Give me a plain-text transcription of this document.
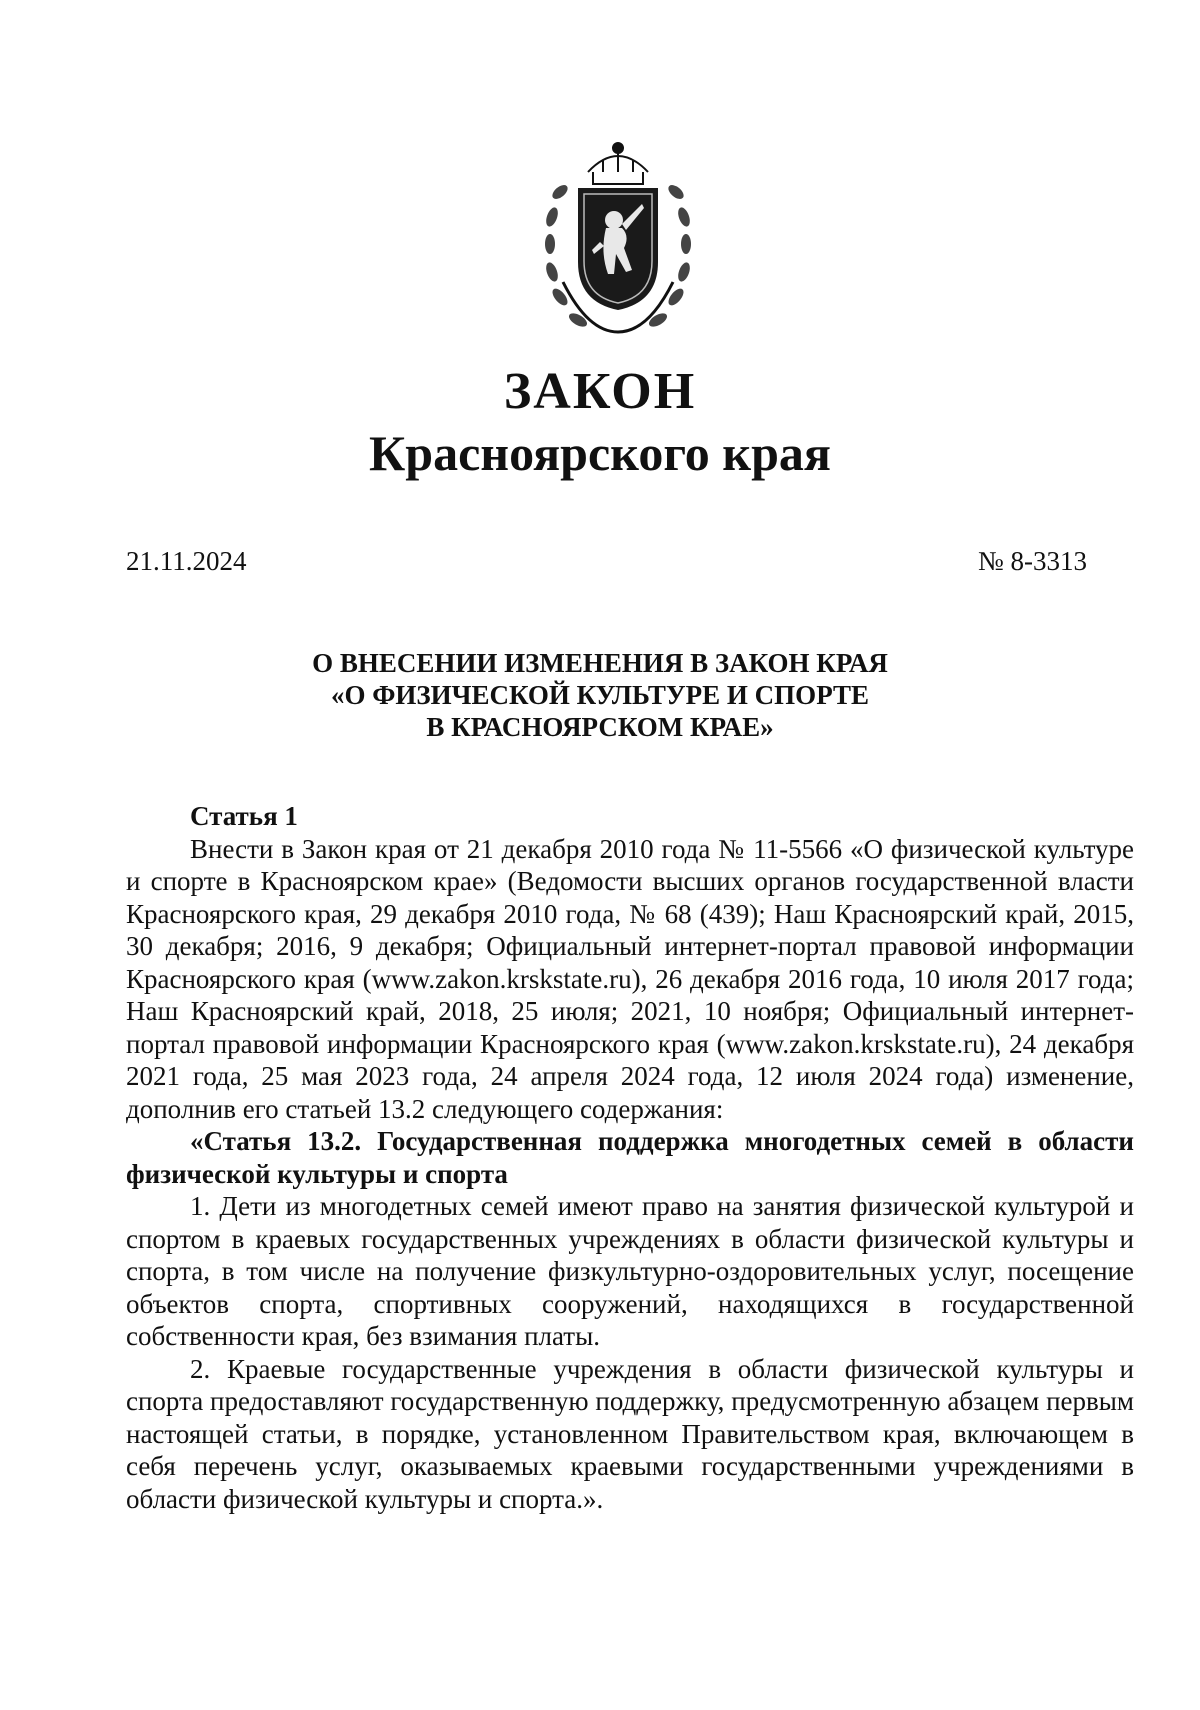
ЗАКОН
Красноярского края
21.11.2024	№ 8-3313
О ВНЕСЕНИИ ИЗМЕНЕНИЯ В ЗАКОН КРАЯ
«О ФИЗИЧЕСКОЙ КУЛЬТУРЕ И СПОРТЕ
В КРАСНОЯРСКОМ КРАЕ»

Статья 1

Внести в Закон края от 21 декабря 2010 года № 11-5566 «О физической культуре и спорте в Красноярском крае» (Ведомости высших органов государственной власти Красноярского края, 29 декабря 2010 года, № 68 (439); Наш Красноярский край, 2015, 30 декабря; 2016, 9 декабря; Официальный интернет-портал правовой информации Красноярского края (www.zakon.krskstate.ru), 26 декабря 2016 года, 10 июля 2017 года; Наш Красноярский край, 2018, 25 июля; 2021, 10 ноября; Официальный интернет-портал правовой информации Красноярского края (www.zakon.krskstate.ru), 24 декабря 2021 года, 25 мая 2023 года, 24 апреля 2024 года, 12 июля 2024 года) изменение, дополнив его статьей 13.2 следующего содержания:

«Статья 13.2. Государственная поддержка многодетных семей в области физической культуры и спорта

1. Дети из многодетных семей имеют право на занятия физической культурой и спортом в краевых государственных учреждениях в области физической культуры и спорта, в том числе на получение физкультурно-оздоровительных услуг, посещение объектов спорта, спортивных сооружений, находящихся в государственной собственности края, без взимания платы.

2. Краевые государственные учреждения в области физической культуры и спорта предоставляют государственную поддержку, предусмотренную абзацем первым настоящей статьи, в порядке, установленном Правительством края, включающем в себя перечень услуг, оказываемых краевыми государственными учреждениями в области физической культуры и спорта.».
